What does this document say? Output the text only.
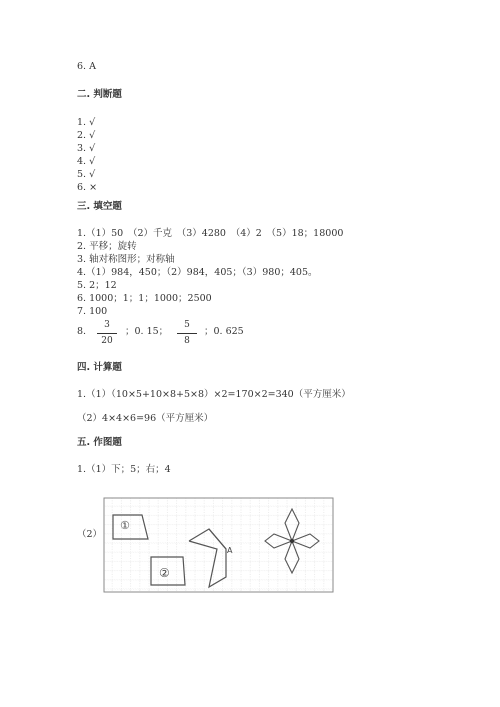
6. A
二. 判断题
1. √
2. √
3. √
4. √
5. √
6. ×
三. 填空题
1.（1）50　（2）千克　（3）4280　（4）2　（5）18；18000
2. 平移；旋转
3. 轴对称图形；对称轴
4.（1）984，450；（2）984，405；（3）980；405。
5. 2；12
6. 1000；1；1；1000；2500
7. 100
8.
3
20
；0. 15；
5
8
；0. 625
四. 计算题
1.（1）（10×5+10×8+5×8）×2=170×2=340（平方厘米）
（2）4×4×6=96（平方厘米）
五. 作图题
1.（1）下；5；右；4
（2）
①
②
A
